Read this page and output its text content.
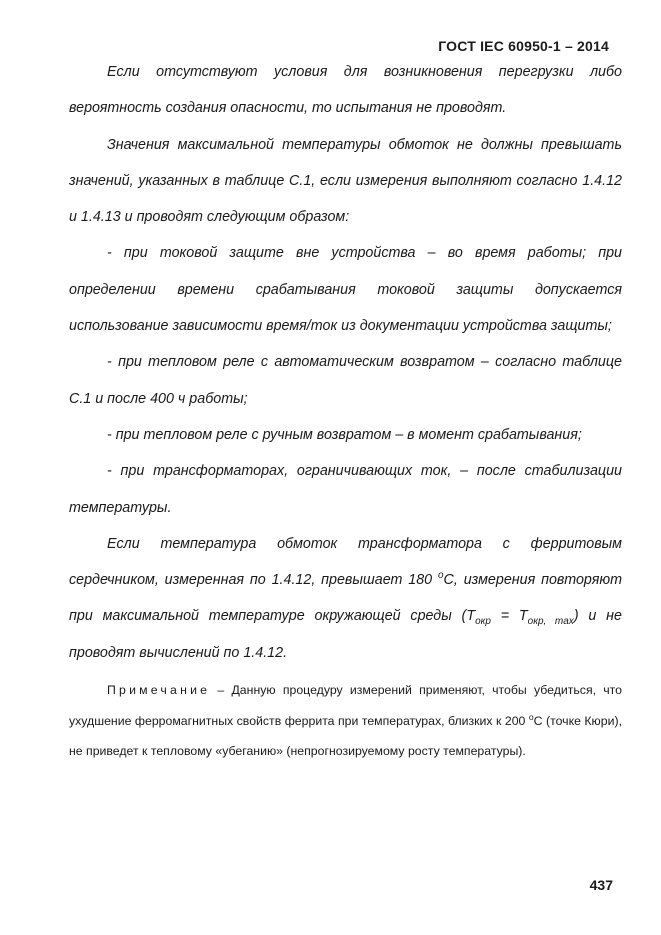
ГОСТ IEC 60950-1 – 2014

Если отсутствуют условия для возникновения перегрузки либо вероятность создания опасности, то испытания не проводят.

Значения максимальной температуры обмоток не должны превышать значений, указанных в таблице С.1, если измерения выполняют согласно 1.4.12 и 1.4.13 и проводят следующим образом:

- при токовой защите вне устройства – во время работы; при определении времени срабатывания токовой защиты допускается использование зависимости время/ток из документации устройства защиты;

- при тепловом реле с автоматическим возвратом – согласно таблице С.1 и после 400 ч работы;

- при тепловом реле с ручным возвратом – в момент срабатывания;

- при трансформаторах, ограничивающих ток, – после стабилизации температуры.

Если температура обмоток трансформатора с ферритовым сердечником, измеренная по 1.4.12, превышает 180 $^o$С, измерения повторяют при максимальной температуре окружающей среды $(T_{окр} = T_{окр, max})$ и не проводят вычислений по 1.4.12.

Примечание – Данную процедуру измерений применяют, чтобы убедиться, что ухудшение ферромагнитных свойств феррита при температурах, близких к 200 $^o$С (точке Кюри), не приведет к тепловому «убеганию» (непрогнозируемому росту температуры).

437
